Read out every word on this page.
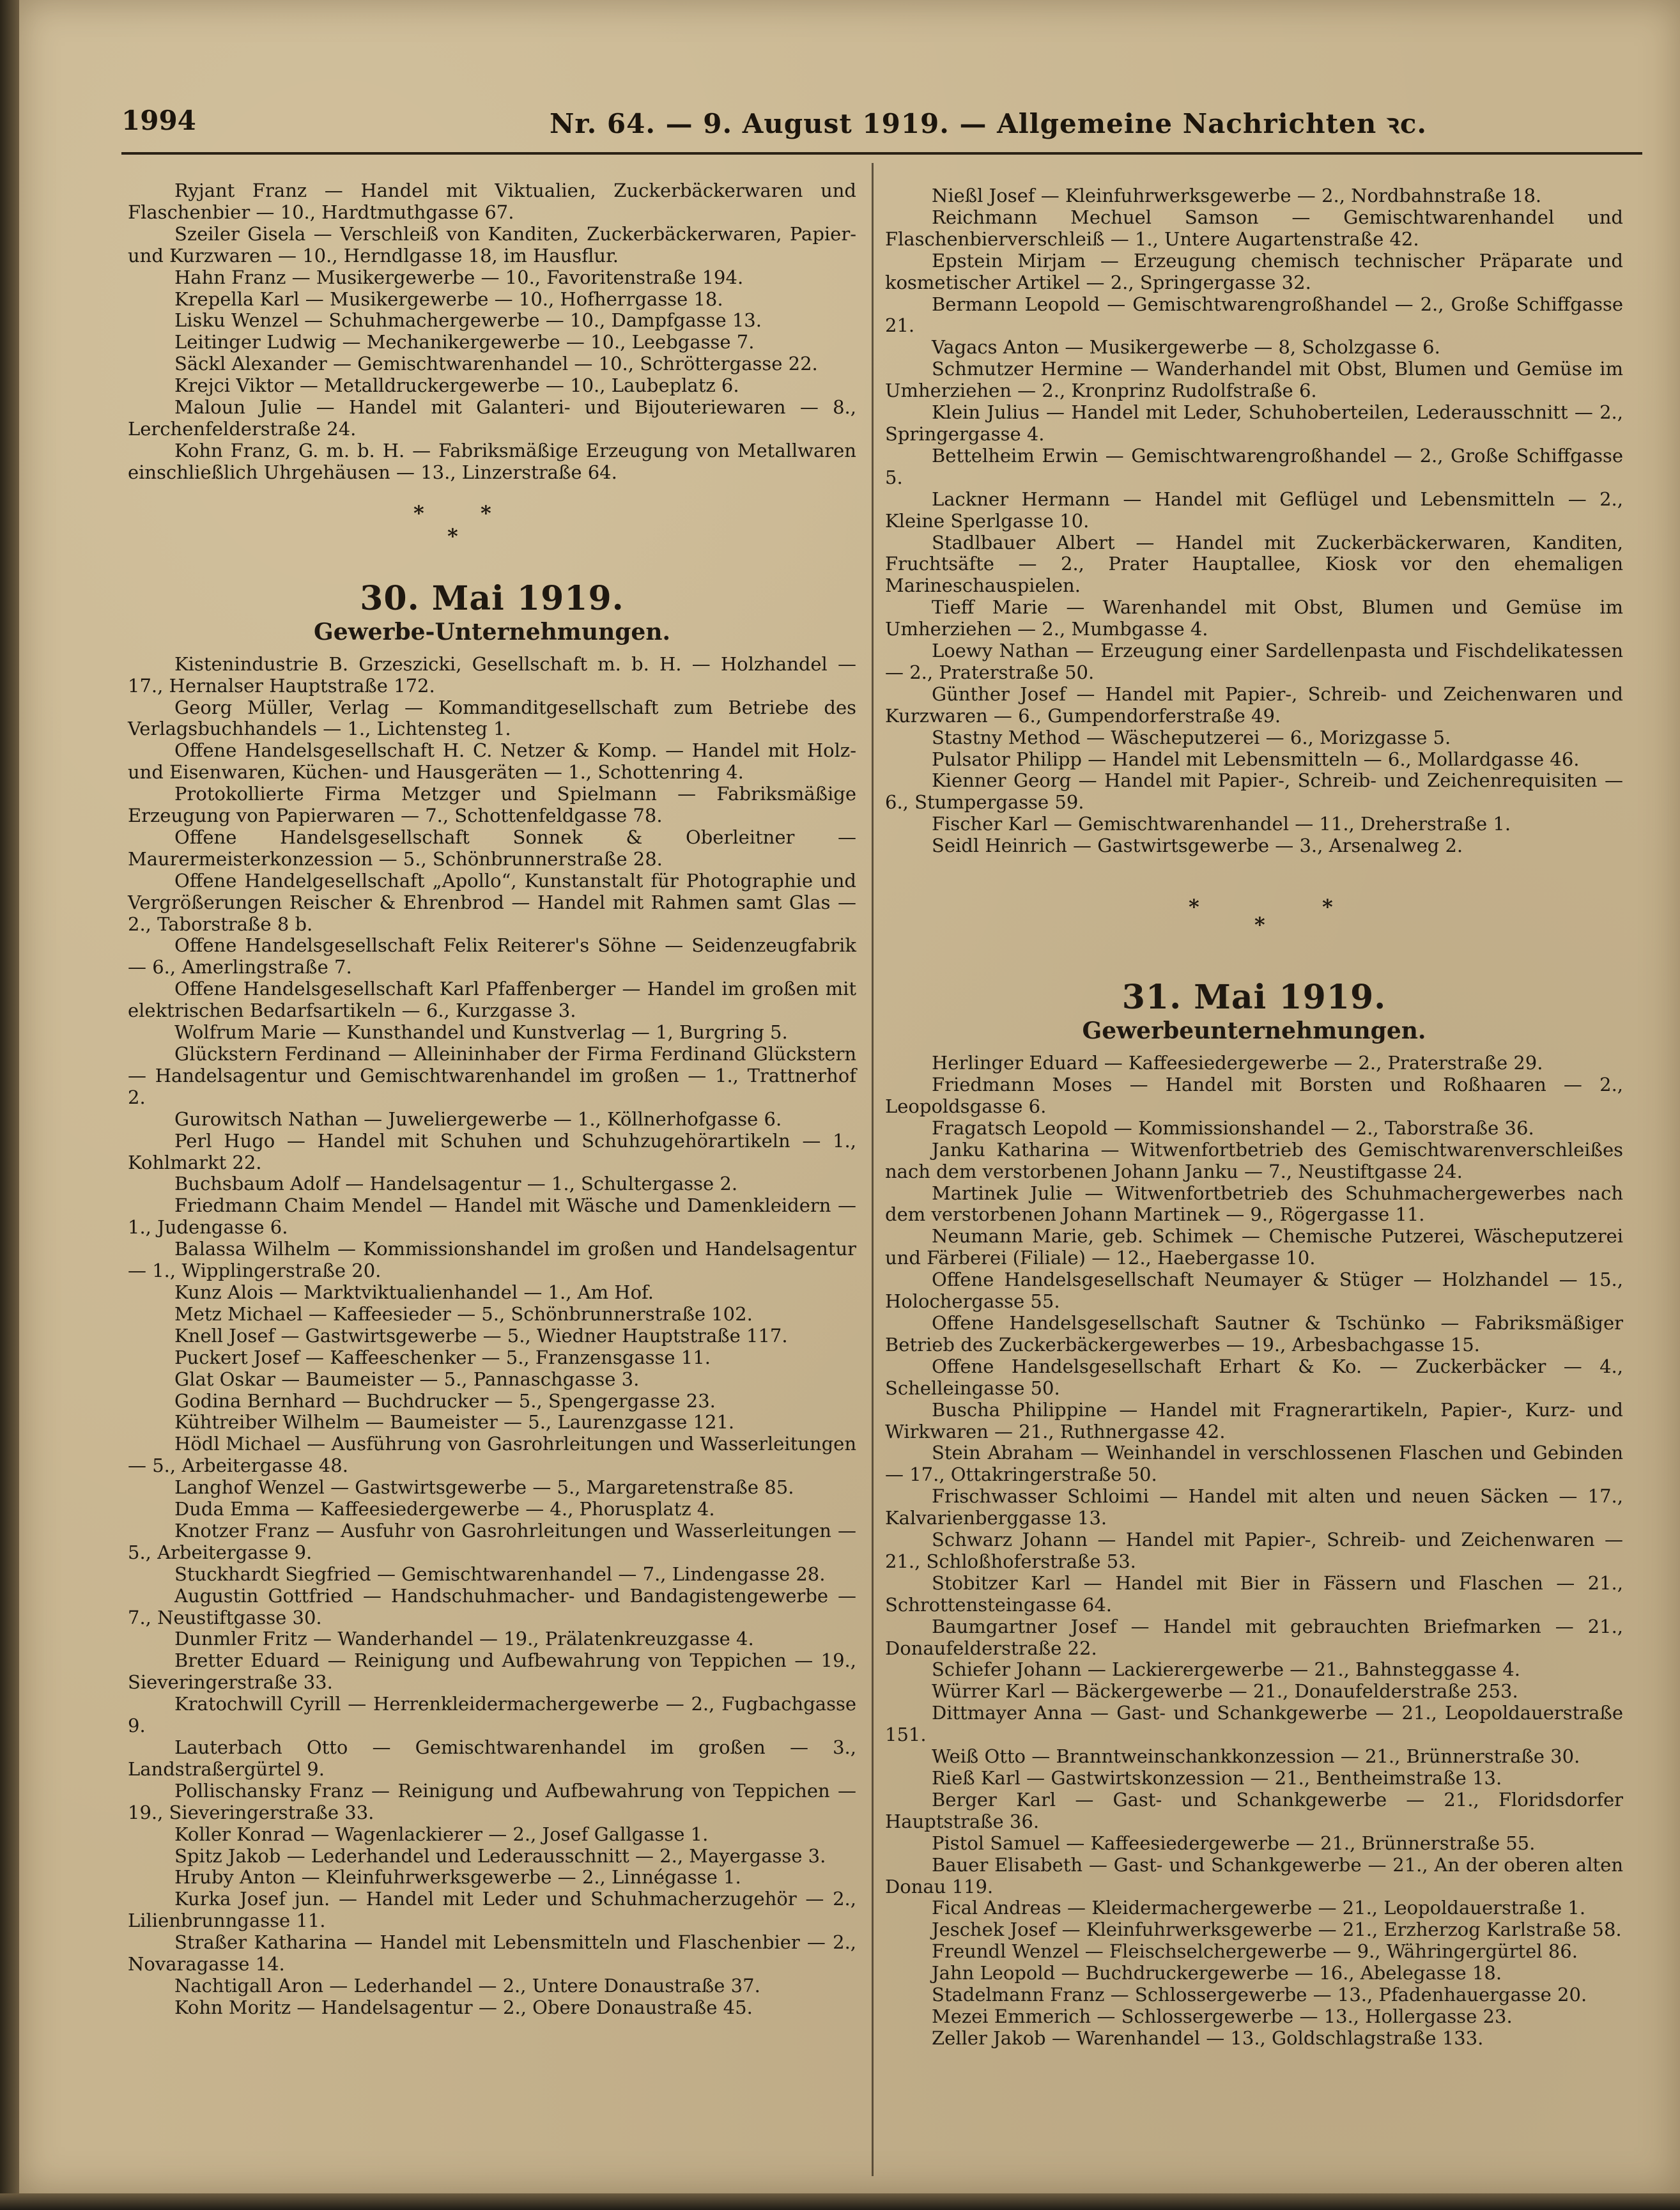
1994	Nr. 64. — 9. August 1919. — Allgemeine Nachrichten ꝛc.

Ryjant Franz — Handel mit Viktualien, Zuckerbäckerwaren und Flaschenbier — 10., Hardtmuthgasse 67.

Szeiler Gisela — Verschleiß von Kanditen, Zuckerbäckerwaren, Papier- und Kurzwaren — 10., Herndlgasse 18, im Hausflur.

Hahn Franz — Musikergewerbe — 10., Favoritenstraße 194.

Krepella Karl — Musikergewerbe — 10., Hofherrgasse 18.

Lisku Wenzel — Schuhmachergewerbe — 10., Dampfgasse 13.

Leitinger Ludwig — Mechanikergewerbe — 10., Leebgasse 7.

Säckl Alexander — Gemischtwarenhandel — 10., Schröttergasse 22.

Krejci Viktor — Metalldruckergewerbe — 10., Laubeplatz 6.

Maloun Julie — Handel mit Galanteri- und Bijouteriewaren — 8., Lerchenfelderstraße 24.

Kohn Franz, G. m. b. H. — Fabriksmäßige Erzeugung von Metallwaren einschließlich Uhrgehäusen — 13., Linzerstraße 64.

*	*
*

30. Mai 1919.

Gewerbe-Unternehmungen.

Kistenindustrie B. Grzeszicki, Gesellschaft m. b. H. — Holzhandel — 17., Hernalser Hauptstraße 172.

Georg Müller, Verlag — Kommanditgesellschaft zum Betriebe des Verlagsbuchhandels — 1., Lichtensteg 1.

Offene Handelsgesellschaft H. C. Netzer & Komp. — Handel mit Holz- und Eisenwaren, Küchen- und Hausgeräten — 1., Schottenring 4.

Protokollierte Firma Metzger und Spielmann — Fabriksmäßige Erzeugung von Papierwaren — 7., Schottenfeldgasse 78.

Offene Handelsgesellschaft Sonnek & Oberleitner — Maurermeisterkonzession — 5., Schönbrunnerstraße 28.

Offene Handelgesellschaft „Apollo“, Kunstanstalt für Photographie und Vergrößerungen Reischer & Ehrenbrod — Handel mit Rahmen samt Glas — 2., Taborstraße 8 b.

Offene Handelsgesellschaft Felix Reiterer's Söhne — Seidenzeugfabrik — 6., Amerlingstraße 7.

Offene Handelsgesellschaft Karl Pfaffenberger — Handel im großen mit elektrischen Bedarfsartikeln — 6., Kurzgasse 3.

Wolfrum Marie — Kunsthandel und Kunstverlag — 1, Burgring 5.

Glückstern Ferdinand — Alleininhaber der Firma Ferdinand Glückstern — Handelsagentur und Gemischtwarenhandel im großen — 1., Trattnerhof 2.

Gurowitsch Nathan — Juweliergewerbe — 1., Köllnerhofgasse 6.

Perl Hugo — Handel mit Schuhen und Schuhzugehörartikeln — 1., Kohlmarkt 22.

Buchsbaum Adolf — Handelsagentur — 1., Schultergasse 2.

Friedmann Chaim Mendel — Handel mit Wäsche und Damenkleidern — 1., Judengasse 6.

Balassa Wilhelm — Kommissionshandel im großen und Handelsagentur — 1., Wipplingerstraße 20.

Kunz Alois — Marktviktualienhandel — 1., Am Hof.

Metz Michael — Kaffeesieder — 5., Schönbrunnerstraße 102.

Knell Josef — Gastwirtsgewerbe — 5., Wiedner Hauptstraße 117.

Puckert Josef — Kaffeeschenker — 5., Franzensgasse 11.

Glat Oskar — Baumeister — 5., Pannaschgasse 3.

Godina Bernhard — Buchdrucker — 5., Spengergasse 23.

Kühtreiber Wilhelm — Baumeister — 5., Laurenzgasse 121.

Hödl Michael — Ausführung von Gasrohrleitungen und Wasserleitungen — 5., Arbeitergasse 48.

Langhof Wenzel — Gastwirtsgewerbe — 5., Margaretenstraße 85.

Duda Emma — Kaffeesiedergewerbe — 4., Phorusplatz 4.

Knotzer Franz — Ausfuhr von Gasrohrleitungen und Wasserleitungen — 5., Arbeitergasse 9.

Stuckhardt Siegfried — Gemischtwarenhandel — 7., Lindengasse 28.

Augustin Gottfried — Handschuhmacher- und Bandagistengewerbe — 7., Neustiftgasse 30.

Dunmler Fritz — Wanderhandel — 19., Prälatenkreuzgasse 4.

Bretter Eduard — Reinigung und Aufbewahrung von Teppichen — 19., Sieveringerstraße 33.

Kratochwill Cyrill — Herrenkleidermachergewerbe — 2., Fugbachgasse 9.

Lauterbach Otto — Gemischtwarenhandel im großen — 3., Landstraßergürtel 9.

Pollischansky Franz — Reinigung und Aufbewahrung von Teppichen — 19., Sieveringerstraße 33.

Koller Konrad — Wagenlackierer — 2., Josef Gallgasse 1.

Spitz Jakob — Lederhandel und Lederausschnitt — 2., Mayergasse 3.

Hruby Anton — Kleinfuhrwerksgewerbe — 2., Linnégasse 1.

Kurka Josef jun. — Handel mit Leder und Schuhmacherzugehör — 2., Lilienbrunngasse 11.

Straßer Katharina — Handel mit Lebensmitteln und Flaschenbier — 2., Novaragasse 14.

Nachtigall Aron — Lederhandel — 2., Untere Donaustraße 37.

Kohn Moritz — Handelsagentur — 2., Obere Donaustraße 45.

Nießl Josef — Kleinfuhrwerksgewerbe — 2., Nordbahnstraße 18.

Reichmann Mechuel Samson — Gemischtwarenhandel und Flaschenbierverschleiß — 1., Untere Augartenstraße 42.

Epstein Mirjam — Erzeugung chemisch technischer Präparate und kosmetischer Artikel — 2., Springergasse 32.

Bermann Leopold — Gemischtwarengroßhandel — 2., Große Schiffgasse 21.

Vagacs Anton — Musikergewerbe — 8, Scholzgasse 6.

Schmutzer Hermine — Wanderhandel mit Obst, Blumen und Gemüse im Umherziehen — 2., Kronprinz Rudolfstraße 6.

Klein Julius — Handel mit Leder, Schuhoberteilen, Lederausschnitt — 2., Springergasse 4.

Bettelheim Erwin — Gemischtwarengroßhandel — 2., Große Schiffgasse 5.

Lackner Hermann — Handel mit Geflügel und Lebensmitteln — 2., Kleine Sperlgasse 10.

Stadlbauer Albert — Handel mit Zuckerbäckerwaren, Kanditen, Fruchtsäfte — 2., Prater Hauptallee, Kiosk vor den ehemaligen Marineschauspielen.

Tieff Marie — Warenhandel mit Obst, Blumen und Gemüse im Umherziehen — 2., Mumbgasse 4.

Loewy Nathan — Erzeugung einer Sardellenpasta und Fischdelikatessen — 2., Praterstraße 50.

Günther Josef — Handel mit Papier-, Schreib- und Zeichenwaren und Kurzwaren — 6., Gumpendorferstraße 49.

Stastny Method — Wäscheputzerei — 6., Morizgasse 5.

Pulsator Philipp — Handel mit Lebensmitteln — 6., Mollardgasse 46.

Kienner Georg — Handel mit Papier-, Schreib- und Zeichenrequisiten — 6., Stumpergasse 59.

Fischer Karl — Gemischtwarenhandel — 11., Dreherstraße 1.

Seidl Heinrich — Gastwirtsgewerbe — 3., Arsenalweg 2.

*	*
*

31. Mai 1919.

Gewerbeunternehmungen.

Herlinger Eduard — Kaffeesiedergewerbe — 2., Praterstraße 29.

Friedmann Moses — Handel mit Borsten und Roßhaaren — 2., Leopoldsgasse 6.

Fragatsch Leopold — Kommissionshandel — 2., Taborstraße 36.

Janku Katharina — Witwenfortbetrieb des Gemischtwarenverschleißes nach dem verstorbenen Johann Janku — 7., Neustiftgasse 24.

Martinek Julie — Witwenfortbetrieb des Schuhmachergewerbes nach dem verstorbenen Johann Martinek — 9., Rögergasse 11.

Neumann Marie, geb. Schimek — Chemische Putzerei, Wäscheputzerei und Färberei (Filiale) — 12., Haebergasse 10.

Offene Handelsgesellschaft Neumayer & Stüger — Holzhandel — 15., Holochergasse 55.

Offene Handelsgesellschaft Sautner & Tschünko — Fabriksmäßiger Betrieb des Zuckerbäckergewerbes — 19., Arbesbachgasse 15.

Offene Handelsgesellschaft Erhart & Ko. — Zuckerbäcker — 4., Schelleingasse 50.

Buscha Philippine — Handel mit Fragnerartikeln, Papier-, Kurz- und Wirkwaren — 21., Ruthnergasse 42.

Stein Abraham — Weinhandel in verschlossenen Flaschen und Gebinden — 17., Ottakringerstraße 50.

Frischwasser Schloimi — Handel mit alten und neuen Säcken — 17., Kalvarienberggasse 13.

Schwarz Johann — Handel mit Papier-, Schreib- und Zeichenwaren — 21., Schloßhoferstraße 53.

Stobitzer Karl — Handel mit Bier in Fässern und Flaschen — 21., Schrottensteingasse 64.

Baumgartner Josef — Handel mit gebrauchten Briefmarken — 21., Donaufelderstraße 22.

Schiefer Johann — Lackierergewerbe — 21., Bahnsteggasse 4.

Würrer Karl — Bäckergewerbe — 21., Donaufelderstraße 253.

Dittmayer Anna — Gast- und Schankgewerbe — 21., Leopoldauerstraße 151.

Weiß Otto — Branntweinschankkonzession — 21., Brünnerstraße 30.

Rieß Karl — Gastwirtskonzession — 21., Bentheimstraße 13.

Berger Karl — Gast- und Schankgewerbe — 21., Floridsdorfer Hauptstraße 36.

Pistol Samuel — Kaffeesiedergewerbe — 21., Brünnerstraße 55.

Bauer Elisabeth — Gast- und Schankgewerbe — 21., An der oberen alten Donau 119.

Fical Andreas — Kleidermachergewerbe — 21., Leopoldauerstraße 1.

Jeschek Josef — Kleinfuhrwerksgewerbe — 21., Erzherzog Karlstraße 58.

Freundl Wenzel — Fleischselchergewerbe — 9., Währingergürtel 86.

Jahn Leopold — Buchdruckergewerbe — 16., Abelegasse 18.

Stadelmann Franz — Schlossergewerbe — 13., Pfadenhauergasse 20.

Mezei Emmerich — Schlossergewerbe — 13., Hollergasse 23.

Zeller Jakob — Warenhandel — 13., Goldschlagstraße 133.
